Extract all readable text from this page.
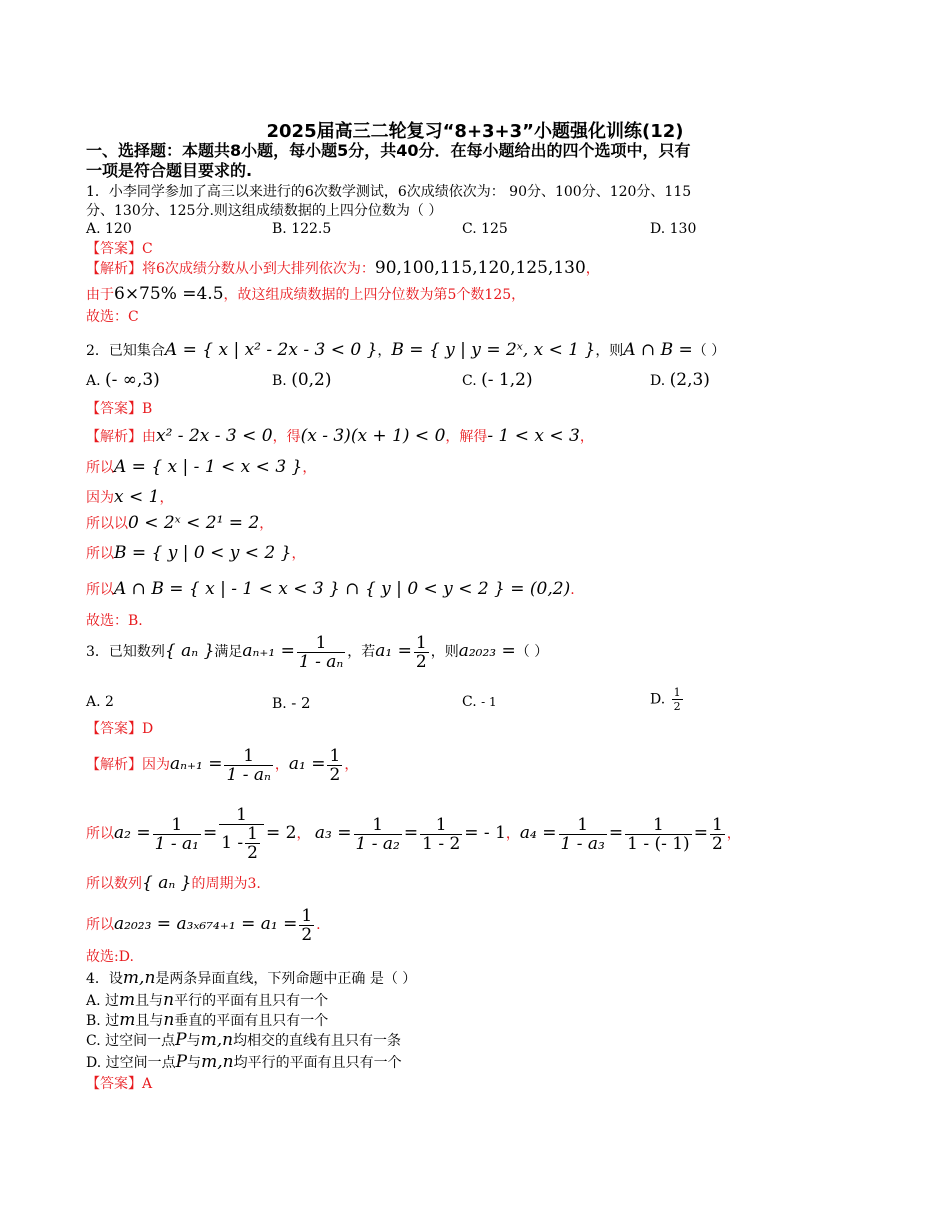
2025届高三二轮复习“8+3+3”小题强化训练(12)
一、选择题：本题共8小题，每小题5分，共40分．在每小题给出的四个选项中，只有
一项是符合题目要求的.
1．小李同学参加了高三以来进行的6次数学测试，6次成绩依次为： 90分、100分、120分、115
分、130分、125分.则这组成绩数据的上四分位数为（ ）
A. 120	B. 122.5	C. 125	D. 130
【答案】C
【解析】将6次成绩分数从小到大排列依次为：90,100,115,120,125,130，
由于6×75% =4.5，故这组成绩数据的上四分位数为第5个数125，
故选：C
2．已知集合A = { x | x² - 2x - 3 < 0 }，B = { y | y = 2ˣ, x < 1 }，则A ∩ B =（ ）
A. (- ∞,3)	B. (0,2)	C. (- 1,2)	D. (2,3)
【答案】B
【解析】由x² - 2x - 3 < 0，得(x - 3)(x + 1) < 0，解得- 1 < x < 3，
所以A = { x | - 1 < x < 3 }，
因为x < 1，
所以以0 < 2ˣ < 2¹ = 2，
所以B = { y | 0 < y < 2 }，
所以A ∩ B = { x | - 1 < x < 3 } ∩ { y | 0 < y < 2 } = (0,2).
故选：B.
3．已知数列{ aₙ }满足$a_{n+1} = \frac{1}{\text{1 - aₙ}}$ ，若$a_1 = \frac{1}{2}$ ，则a₂₀₂₃ =（ ）
A. 2	B. - 2	C. - 1	D. $\frac{1}{2}$
【答案】D
【解析】因为$a_{n+1} = \frac{1}{\text{1 - aₙ}}$ ，$a_1 = \frac{1}{2}$ ，
所以$a_2 = \frac{1}{\text{1 - a₁}} = \frac{1}{1 - \frac{1}{2}} = 2$， $a_3 = \frac{1}{\text{1 - a₂}} = \frac{1}{1 - 2}$ = - 1，$a_4 = \frac{1}{\text{1 - a₃}} = \frac{1}{1 - (- 1)} = \frac{1}{2}$ ，
所以数列{ aₙ }的周期为3.
所以$a_{2023} = a_{3x674+1} = a_1 = \frac{1}{2}$ .
故选:D.
4．设m,n是两条异面直线，下列命题中正确 是（ ）
A. 过m且与n平行的平面有且只有一个
B. 过m且与n垂直的平面有且只有一个
C. 过空间一点P与m,n均相交的直线有且只有一条
D. 过空间一点P与m,n均平行的平面有且只有一个
【答案】A
